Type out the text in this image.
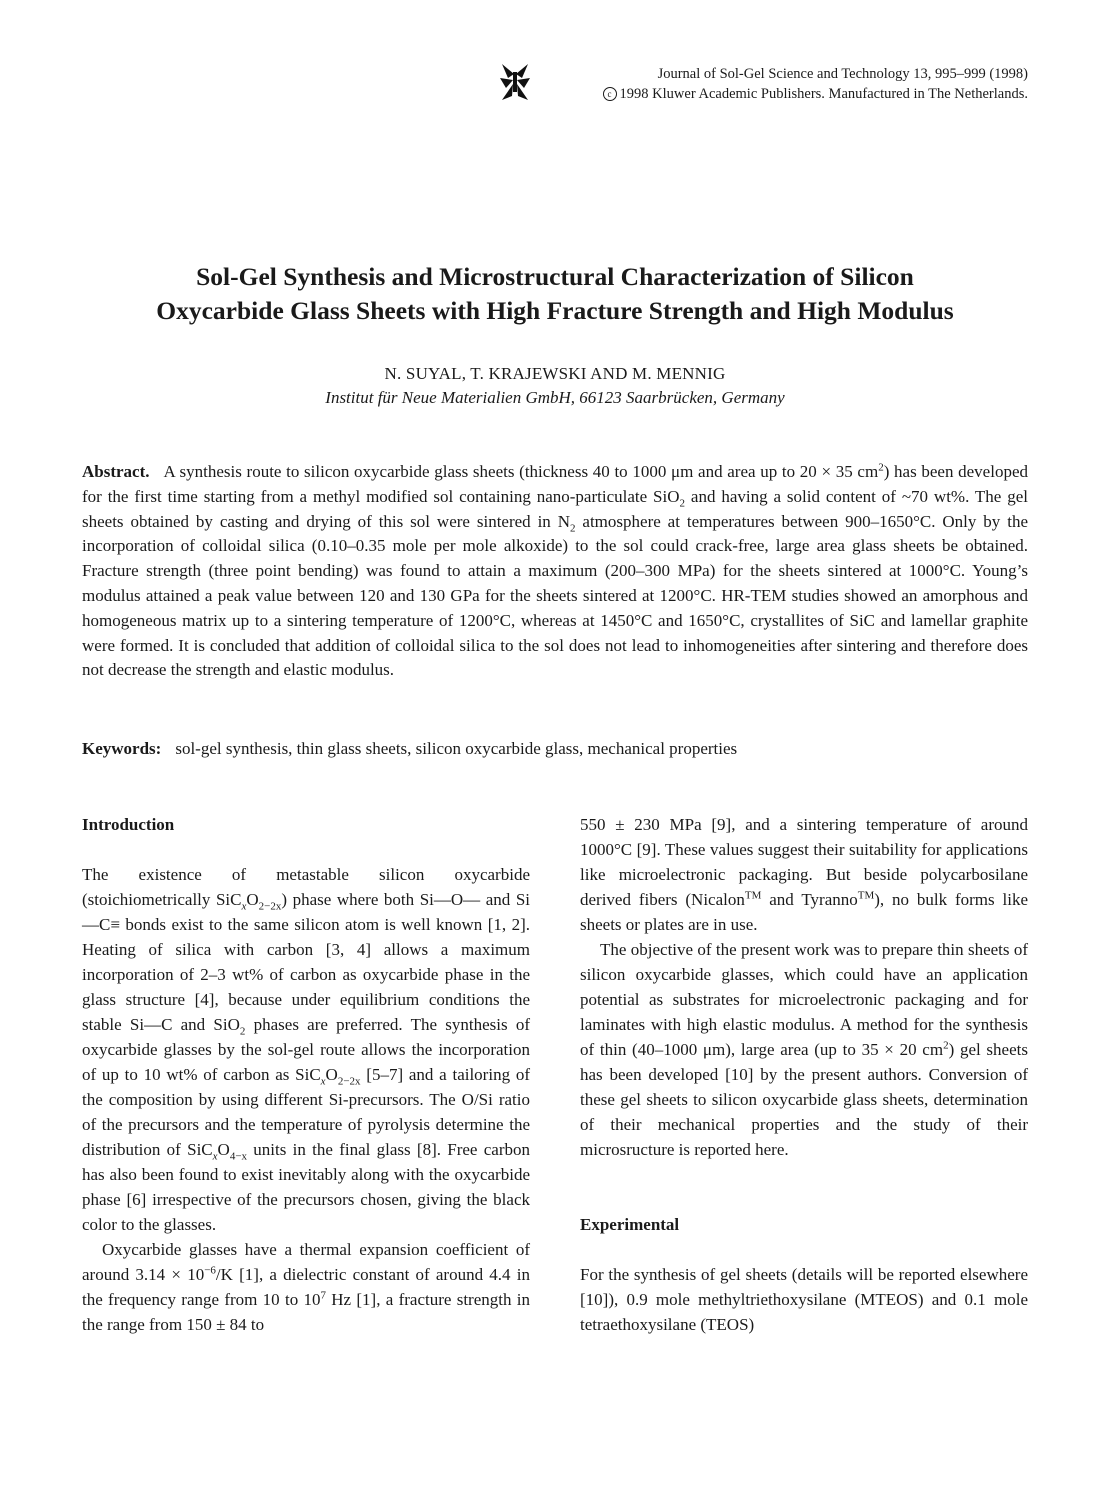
Journal of Sol-Gel Science and Technology 13, 995–999 (1998)
c 1998 Kluwer Academic Publishers. Manufactured in The Netherlands.
Sol-Gel Synthesis and Microstructural Characterization of Silicon
Oxycarbide Glass Sheets with High Fracture Strength and High Modulus
N. SUYAL, T. KRAJEWSKI AND M. MENNIG
Institut für Neue Materialien GmbH, 66123 Saarbrücken, Germany

Abstract. A synthesis route to silicon oxycarbide glass sheets (thickness 40 to 1000 μm and area up to 20 × 35 $cm^2$) has been developed for the first time starting from a methyl modified sol containing nano-particulate SiO$_2$ and having a solid content of ~70 wt%. The gel sheets obtained by casting and drying of this sol were sintered in $N_2$ atmosphere at temperatures between 900–1650°C. Only by the incorporation of colloidal silica (0.10–0.35 mole per mole alkoxide) to the sol could crack-free, large area glass sheets be obtained. Fracture strength (three point bending) was found to attain a maximum (200–300 MPa) for the sheets sintered at 1000°C. Young’s modulus attained a peak value between 120 and 130 GPa for the sheets sintered at 1200°C. HR-TEM studies showed an amorphous and homogeneous matrix up to a sintering temperature of 1200°C, whereas at 1450°C and 1650°C, crystallites of SiC and lamellar graphite were formed. It is concluded that addition of colloidal silica to the sol does not lead to inhomogeneities after sintering and therefore does not decrease the strength and elastic modulus.

Keywords: sol-gel synthesis, thin glass sheets, silicon oxycarbide glass, mechanical properties
Introduction

The existence of metastable silicon oxycarbide (stoichiometrically $SiC_xO_{2-2x}$) phase where both Si—O— and Si—C≡ bonds exist to the same silicon atom is well known [1, 2]. Heating of silica with carbon [3, 4] allows a maximum incorporation of 2–3 wt% of carbon as oxycarbide phase in the glass structure [4], because under equilibrium conditions the stable Si—C and SiO$_2$ phases are preferred. The synthesis of oxycarbide glasses by the sol-gel route allows the incorporation of up to 10 wt% of carbon as $SiC_xO_{2-2x}$ [5–7] and a tailoring of the composition by using different Si-precursors. The O/Si ratio of the precursors and the temperature of pyrolysis determine the distribution of $SiC_xO_{4-x}$ units in the final glass [8]. Free carbon has also been found to exist inevitably along with the oxycarbide phase [6] irrespective of the precursors chosen, giving the black color to the glasses.

Oxycarbide glasses have a thermal expansion coefficient of around $3.14 \times 10^{-6}/K$ [1], a dielectric constant of around 4.4 in the frequency range from 10 to $10^7$ Hz [1], a fracture strength in the range from 150 ± 84 to

550 ± 230 MPa [9], and a sintering temperature of around 1000°C [9]. These values suggest their suitability for applications like microelectronic packaging. But beside polycarbosilane derived fibers (Nicalon™ and Tyranno™), no bulk forms like sheets or plates are in use.

The objective of the present work was to prepare thin sheets of silicon oxycarbide glasses, which could have an application potential as substrates for microelectronic packaging and for laminates with high elastic modulus. A method for the synthesis of thin (40–1000 μm), large area (up to 35 × 20 $cm^2$) gel sheets has been developed [10] by the present authors. Conversion of these gel sheets to silicon oxycarbide glass sheets, determination of their mechanical properties and the study of their microsructure is reported here.

Experimental

For the synthesis of gel sheets (details will be reported elsewhere [10]), 0.9 mole methyltriethoxysilane (MTEOS) and 0.1 mole tetraethoxysilane (TEOS)
